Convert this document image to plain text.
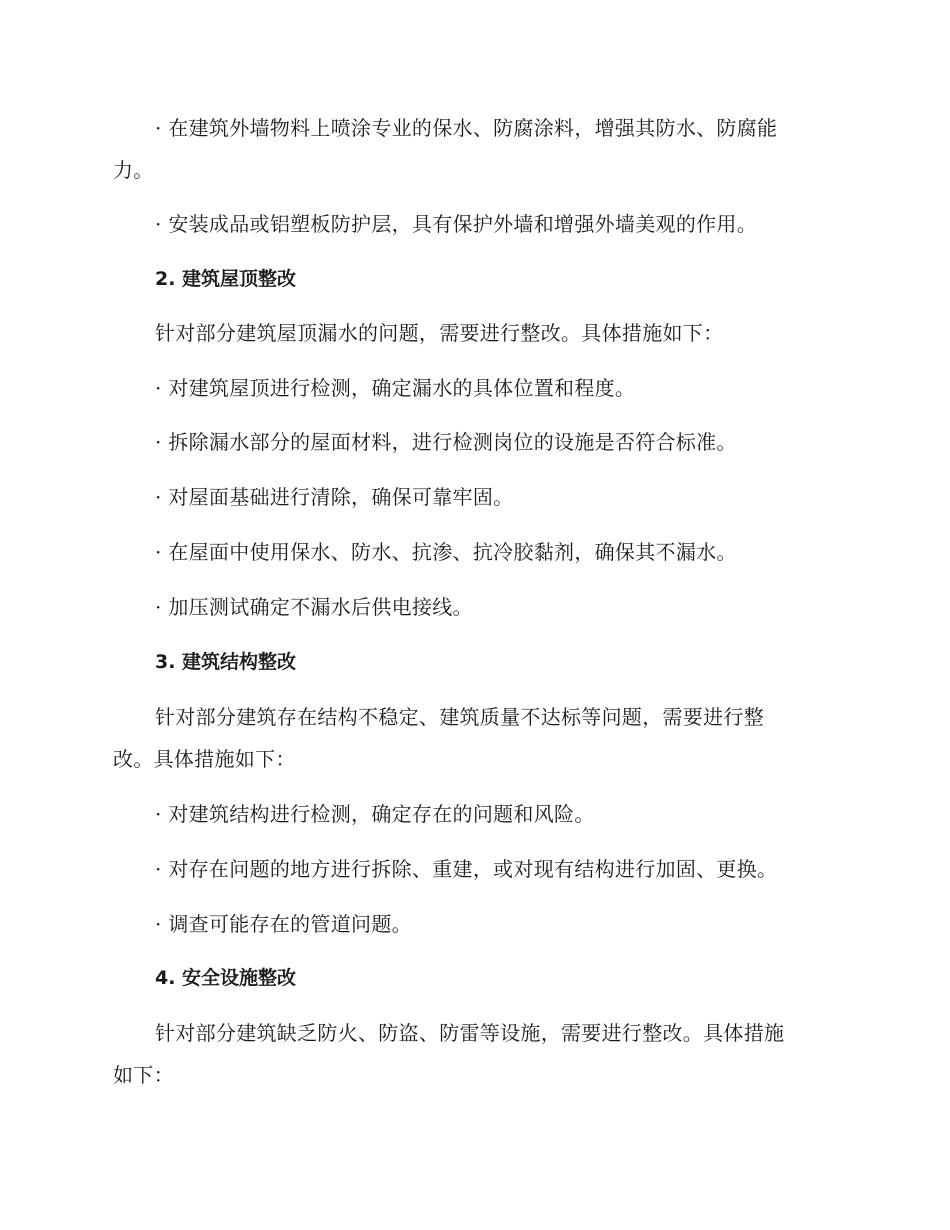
· 在建筑外墙物料上喷涂专业的保水、防腐涂料，增强其防水、防腐能
力。
· 安装成品或铝塑板防护层，具有保护外墙和增强外墙美观的作用。
2. 建筑屋顶整改
针对部分建筑屋顶漏水的问题，需要进行整改。具体措施如下：
· 对建筑屋顶进行检测，确定漏水的具体位置和程度。
· 拆除漏水部分的屋面材料，进行检测岗位的设施是否符合标准。
· 对屋面基础进行清除，确保可靠牢固。
· 在屋面中使用保水、防水、抗渗、抗冷胶黏剂，确保其不漏水。
· 加压测试确定不漏水后供电接线。
3. 建筑结构整改
针对部分建筑存在结构不稳定、建筑质量不达标等问题，需要进行整
改。具体措施如下：
· 对建筑结构进行检测，确定存在的问题和风险。
· 对存在问题的地方进行拆除、重建，或对现有结构进行加固、更换。
· 调查可能存在的管道问题。
4. 安全设施整改
针对部分建筑缺乏防火、防盗、防雷等设施，需要进行整改。具体措施
如下：
